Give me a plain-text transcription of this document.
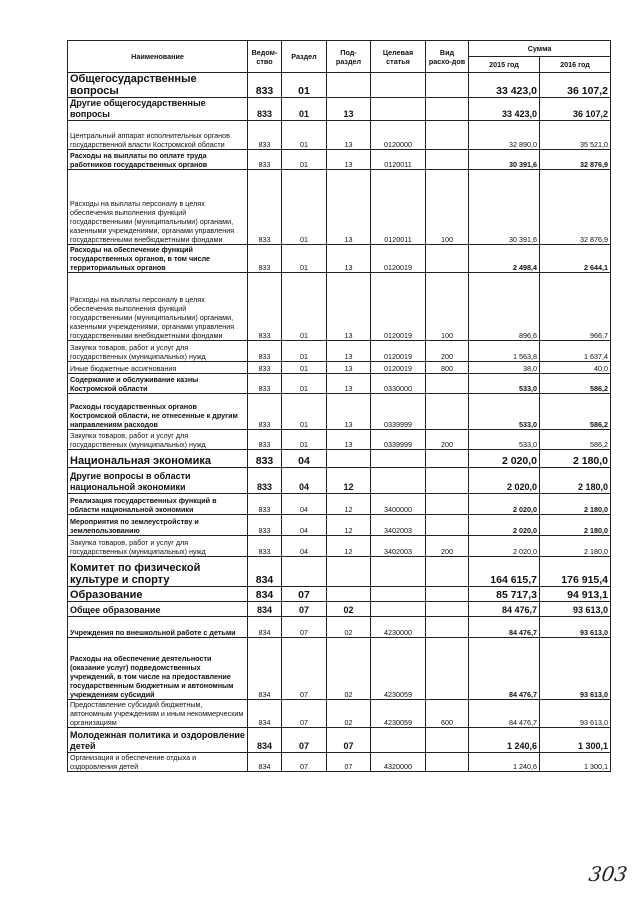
Наименование	Ведом-ство	Раздел	Под-раздел	Целевая статья	Вид расхо-дов	Сумма	
						2015 год	2016 год
Общегосударственные вопросы	833	01				33 423,0	36 107,2
Другие общегосударственные вопросы	833	01	13			33 423,0	36 107,2
Центральный аппарат исполнительных органов государственной власти Костромской области	833	01	13	0120000		32 890,0	35 521,0
Расходы на выплаты по оплате труда работников государственных органов	833	01	13	0120011		30 391,6	32 876,9
Расходы на выплаты персоналу в целях обеспечения выполнения функций государственными (муниципальными) органами, казенными учреждениями, органами управления государственными внебюджетными фондами	833	01	13	0120011	100	30 391,6	32 876,9
Расходы на обеспечение функций государственных органов, в том числе территориальных органов	833	01	13	0120019		2 498,4	2 644,1
Расходы на выплаты персоналу в целях обеспечения выполнения функций государственными (муниципальными) органами, казенными учреждениями, органами управления государственными внебюджетными фондами	833	01	13	0120019	100	896,6	966,7
Закупка товаров, работ и услуг для государственных (муниципальных) нужд	833	01	13	0120019	200	1 563,8	1 637,4
Иные бюджетные ассигнования	833	01	13	0120019	800	38,0	40,0
Содержание и обслуживание казны Костромской области	833	01	13	0330000		533,0	586,2
Расходы государственных органов Костромской области, не отнесенные к другим направлениям расходов	833	01	13	0339999		533,0	586,2
Закупка товаров, работ и услуг для государственных (муниципальных) нужд	833	01	13	0339999	200	533,0	586,2
Национальная экономика	833	04				2 020,0	2 180,0
Другие вопросы в области национальной экономики	833	04	12			2 020,0	2 180,0
Реализация государственных функций в области национальной экономики	833	04	12	3400000		2 020,0	2 180,0
Мероприятия по землеустройству и землепользованию	833	04	12	3402003		2 020,0	2 180,0
Закупка товаров, работ и услуг для государственных (муниципальных) нужд	833	04	12	3402003	200	2 020,0	2 180,0
Комитет по физической культуре и спорту	834					164 615,7	176 915,4
Образование	834	07				85 717,3	94 913,1
Общее образование	834	07	02			84 476,7	93 613,0
Учреждения по внешкольной работе с детьми	834	07	02	4230000		84 476,7	93 613,0
Расходы на обеспечение деятельности (оказание услуг) подведомственных учреждений, в том числе на предоставление государственным бюджетным и автономным учреждениям субсидий	834	07	02	4230059		84 476,7	93 613,0
Предоставление субсидий бюджетным, автономным учреждениям и иным некоммерческим организациям	834	07	02	4230059	600	84 476,7	93 613,0
Молодежная политика и оздоровление детей	834	07	07			1 240,6	1 300,1
Организация и обеспечение отдыха и оздоровления детей	834	07	07	4320000		1 240,6	1 300,1
303
